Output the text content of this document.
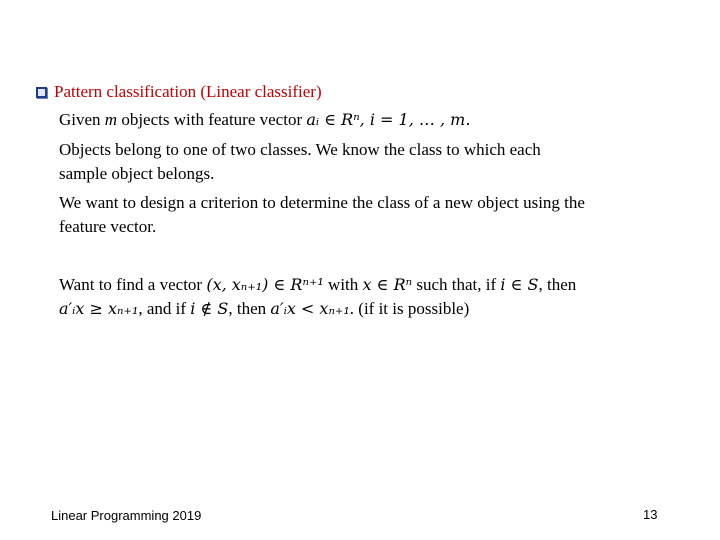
Pattern classification (Linear classifier)
Given m objects with feature vector aᵢ ∈ Rⁿ, i = 1, … , m.
Objects belong to one of two classes. We know the class to which each
sample object belongs.
We want to design a criterion to determine the class of a new object using the
feature vector.
Want to find a vector (x, xₙ₊₁) ∈ Rⁿ⁺¹ with x ∈ Rⁿ such that, if i ∈ S, then
a′ᵢx ≥ xₙ₊₁, and if i ∉ S, then a′ᵢx < xₙ₊₁. (if it is possible)
Linear Programming 2019	13
